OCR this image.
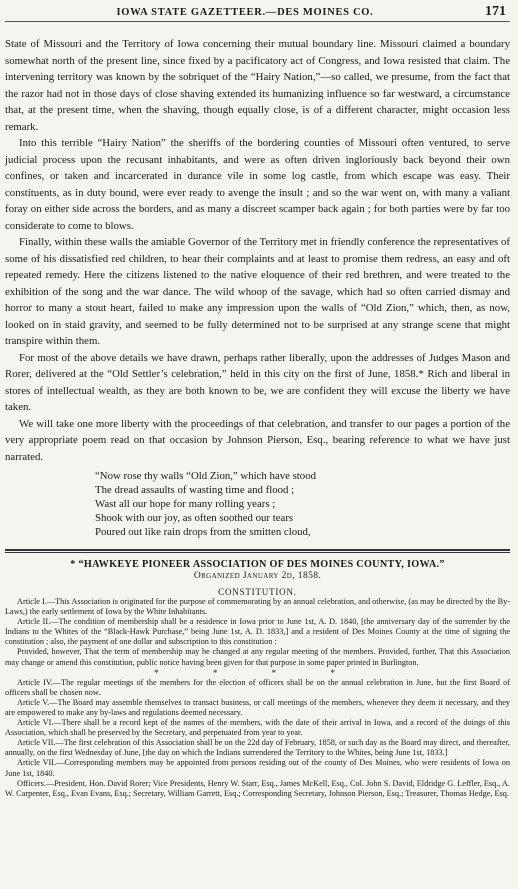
IOWA STATE GAZETTEER.—DES MOINES CO.	171

State of Missouri and the Territory of Iowa concerning their mutual boundary line. Missouri claimed a boundary somewhat north of the present line, since fixed by a pacificatory act of Congress, and Iowa resisted that claim. The intervening territory was known by the sobriquet of the “Hairy Nation,”—so called, we presume, from the fact that the razor had not in those days of close shaving extended its humanizing influence so far westward, a circumstance that, at the present time, when the shaving, though equally close, is of a different character, might occasion less remark.

Into this terrible “Hairy Nation” the sheriffs of the bordering counties of Missouri often ventured, to serve judicial process upon the recusant inhabitants, and were as often driven ingloriously back beyond their own confines, or taken and incarcerated in durance vile in some log castle, from which escape was easy. Their constituents, as in duty bound, were ever ready to avenge the insult ; and so the war went on, with many a valiant foray on either side across the borders, and as many a discreet scamper back again ; for both parties were by far too considerate to come to blows.

Finally, within these walls the amiable Governor of the Territory met in friendly conference the representatives of some of his dissatisfied red children, to hear their complaints and at least to promise them redress, an easy and oft repeated remedy. Here the citizens listened to the native eloquence of their red brethren, and were treated to the exhibition of the song and the war dance. The wild whoop of the savage, which had so often carried dismay and horror to many a stout heart, failed to make any impression upon the walls of “Old Zion,” which, then, as now, looked on in staid gravity, and seemed to be fully determined not to be surprised at any strange scene that might transpire within them.

For most of the above details we have drawn, perhaps rather liberally, upon the addresses of Judges Mason and Rorer, delivered at the “Old Settler’s celebration,” held in this city on the first of June, 1858.* Rich and liberal in stores of intellectual wealth, as they are both known to be, we are confident they will excuse the liberty we have taken.

We will take one more liberty with the proceedings of that celebration, and transfer to our pages a portion of the very appropriate poem read on that occasion by Johnson Pierson, Esq., bearing reference to what we have just narrated.

“Now rose thy walls “Old Zion,” which have stood
The dread assaults of wasting time and flood ;
Wast all our hope for many rolling years ;
Shook with our joy, as often soothed our tears
Poured out like rain drops from the smitten cloud,
* “HAWKEYE PIONEER ASSOCIATION OF DES MOINES COUNTY, IOWA.”
Organized January 2d, 1858.
CONSTITUTION.

Article I.—This Association is originated for the purpose of commemorating by an annual celebration, and otherwise, (as may be directed by the By-Laws,) the early settlement of Iowa by the White Inhabitants.

Article II.—The condition of membership shall be a residence in Iowa prior to June 1st, A. D. 1840, [the anniversary day of the surrender by the Indians to the Whites of the “Black-Hawk Purchase,” being June 1st, A. D. 1833,] and a resident of Des Moines County at the time of signing the constitution ; also, the payment of one dollar and subscription to this constitution :

Provided, however, That the term of membership may be changed at any regular meeting of the members. Provided, further, That this Association may change or amend this constitution, public notice having been given for that purpose in some paper printed in Burlington.

* * * *

Article IV.—The regular meetings of the members for the election of officers shall be on the annual celebration in June, but the first Board of officers shall be chosen now.

Article V.—The Board may assemble themselves to transact business, or call meetings of the members, whenever they deem it necessary, and they are empowered to make any by-laws and regulations deemed necessary.

Article VI.—There shall be a record kept of the names of the members, with the date of their arrival in Iowa, and a record of the doings of this Association, which shall be preserved by the Secretary, and perpetuated from year to year.

Article VII.—The first celebration of this Association shall be on the 22d day of February, 1858, or such day as the Board may direct, and thereafter, annually, on the first Wednesday of June, [the day on which the Indians surrendered the Territory to the Whites, being June 1st, 1833.]

Article VII.—Corresponding members may be appointed from persons residing out of the county of Des Moines, who were residents of Iowa on June 1st, 1840.

Officers.—President, Hon. David Rorer; Vice Presidents, Henry W. Starr, Esq., James McKell, Esq., Col. John S. David, Eldridge G. Leffler, Esq., A. W. Carpenter, Esq., Evan Evans, Esq.; Secretary, William Garrett, Esq.; Corresponding Secretary, Johnson Pierson, Esq.; Treasurer, Thomas Hedge, Esq.
